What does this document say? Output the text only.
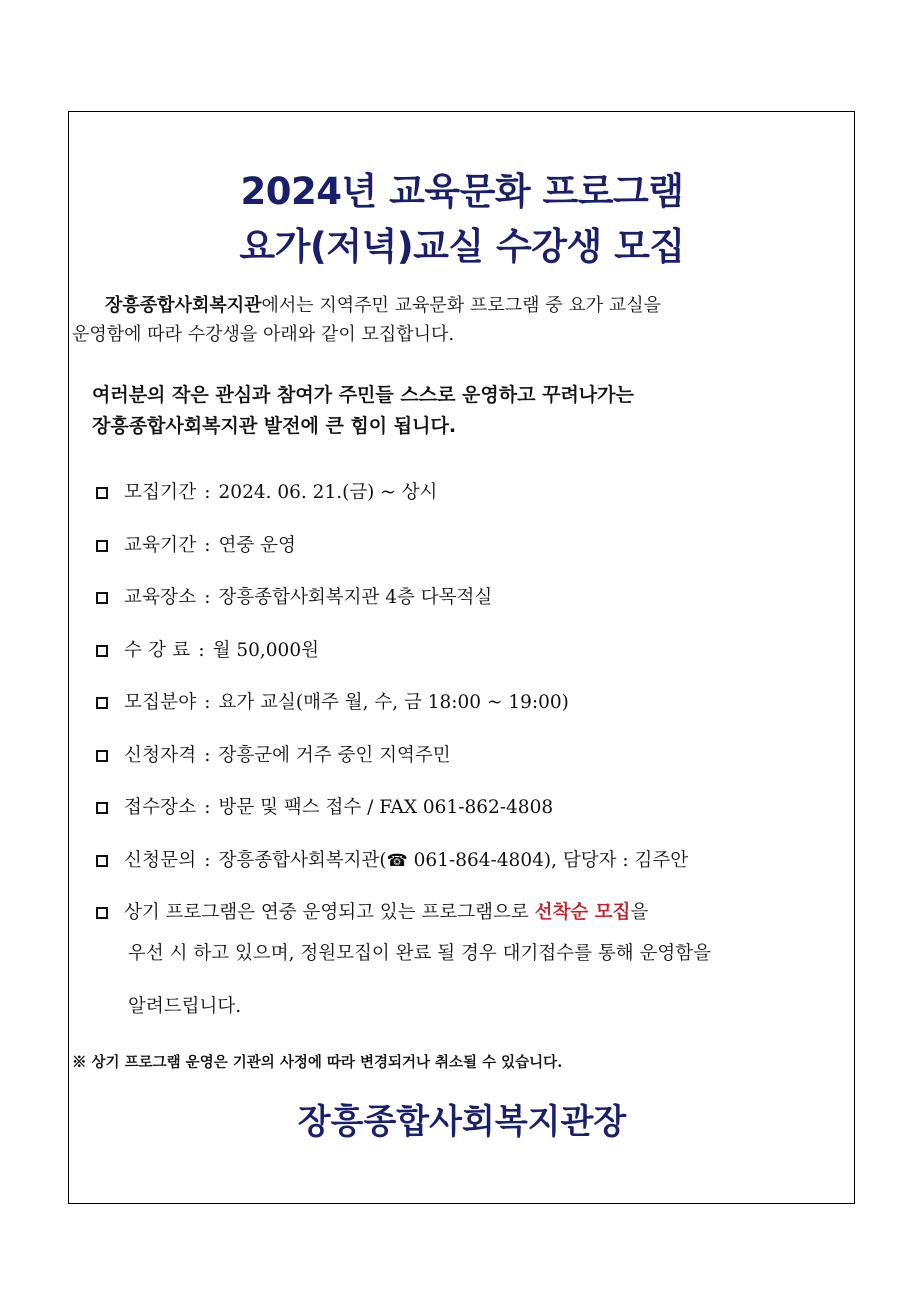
2024년 교육문화 프로그램
요가(저녁)교실 수강생 모집

장흥종합사회복지관에서는 지역주민 교육문화 프로그램 중 요가 교실을
운영함에 따라 수강생을 아래와 같이 모집합니다.

여러분의 작은 관심과 참여가 주민들 스스로 운영하고 꾸려나가는
장흥종합사회복지관 발전에 큰 힘이 됩니다.

모집기간 : 2024. 06. 21.(금) ~ 상시
교육기간 : 연중 운영
교육장소 : 장흥종합사회복지관 4층 다목적실
수 강 료 : 월 50,000원
모집분야 : 요가 교실(매주 월, 수, 금 18:00 ~ 19:00)
신청자격 : 장흥군에 거주 중인 지역주민
접수장소 : 방문 및 팩스 접수 / FAX 061-862-4808
신청문의 : 장흥종합사회복지관(☎ 061-864-4804), 담당자 : 김주안
상기 프로그램은 연중 운영되고 있는 프로그램으로 선착순 모집을
우선 시 하고 있으며, 정원모집이 완료 될 경우 대기접수를 통해 운영함을
알려드립니다.

※ 상기 프로그램 운영은 기관의 사정에 따라 변경되거나 취소될 수 있습니다.

장흥종합사회복지관장
